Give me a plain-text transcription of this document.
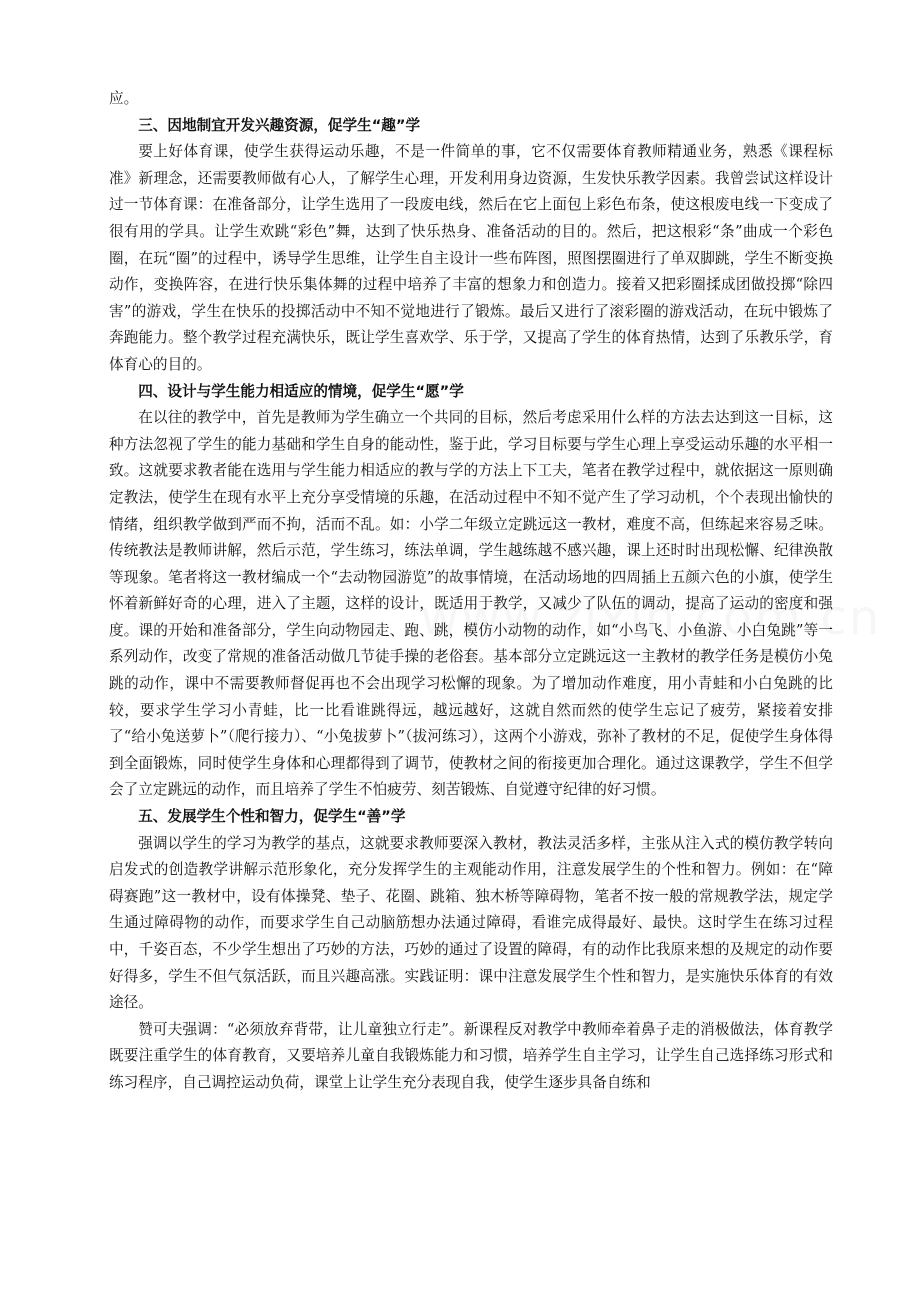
应。

三、因地制宜开发兴趣资源，促学生“趣”学

要上好体育课，使学生获得运动乐趣，不是一件简单的事，它不仅需要体育教师精通业务，熟悉《课程标准》新理念，还需要教师做有心人，了解学生心理，开发利用身边资源，生发快乐教学因素。我曾尝试这样设计过一节体育课：在准备部分，让学生选用了一段废电线，然后在它上面包上彩色布条，使这根废电线一下变成了很有用的学具。让学生欢跳“彩色”舞，达到了快乐热身、准备活动的目的。然后，把这根彩“条”曲成一个彩色圈，在玩“圈”的过程中，诱导学生思维，让学生自主设计一些布阵图，照图摆圈进行了单双脚跳，学生不断变换动作，变换阵容，在进行快乐集体舞的过程中培养了丰富的想象力和创造力。接着又把彩圈揉成团做投掷“除四害”的游戏，学生在快乐的投掷活动中不知不觉地进行了锻炼。最后又进行了滚彩圈的游戏活动，在玩中锻炼了奔跑能力。整个教学过程充满快乐，既让学生喜欢学、乐于学，又提高了学生的体育热情，达到了乐教乐学，育体育心的目的。

四、设计与学生能力相适应的情境，促学生“愿”学

在以往的教学中，首先是教师为学生确立一个共同的目标，然后考虑采用什么样的方法去达到这一目标，这种方法忽视了学生的能力基础和学生自身的能动性，鉴于此，学习目标要与学生心理上享受运动乐趣的水平相一致。这就要求教者能在选用与学生能力相适应的教与学的方法上下工夫，笔者在教学过程中，就依据这一原则确定教法，使学生在现有水平上充分享受情境的乐趣，在活动过程中不知不觉产生了学习动机，个个表现出愉快的情绪，组织教学做到严而不拘，活而不乱。如：小学二年级立定跳远这一教材，难度不高，但练起来容易乏味。传统教法是教师讲解，然后示范，学生练习，练法单调，学生越练越不感兴趣，课上还时时出现松懈、纪律涣散等现象。笔者将这一教材编成一个“去动物园游览”的故事情境，在活动场地的四周插上五颜六色的小旗，使学生怀着新鲜好奇的心理，进入了主题，这样的设计，既适用于教学，又减少了队伍的调动，提高了运动的密度和强度。课的开始和准备部分，学生向动物园走、跑、跳，模仿小动物的动作，如“小鸟飞、小鱼游、小白兔跳”等一系列动作，改变了常规的准备活动做几节徒手操的老俗套。基本部分立定跳远这一主教材的教学任务是模仿小兔跳的动作，课中不需要教师督促再也不会出现学习松懈的现象。为了增加动作难度，用小青蛙和小白兔跳的比较，要求学生学习小青蛙，比一比看谁跳得远，越远越好，这就自然而然的使学生忘记了疲劳，紧接着安排了“给小兔送萝卜”（爬行接力）、“小兔拔萝卜”（拔河练习），这两个小游戏，弥补了教材的不足，促使学生身体得到全面锻炼，同时使学生身体和心理都得到了调节，使教材之间的衔接更加合理化。通过这课教学，学生不但学会了立定跳远的动作，而且培养了学生不怕疲劳、刻苦锻炼、自觉遵守纪律的好习惯。

五、发展学生个性和智力，促学生“善”学

强调以学生的学习为教学的基点，这就要求教师要深入教材，教法灵活多样，主张从注入式的模仿教学转向启发式的创造教学讲解示范形象化，充分发挥学生的主观能动作用，注意发展学生的个性和智力。例如：在“障碍赛跑”这一教材中，设有体操凳、垫子、花圈、跳箱、独木桥等障碍物，笔者不按一般的常规教学法，规定学生通过障碍物的动作，而要求学生自己动脑筋想办法通过障碍，看谁完成得最好、最快。这时学生在练习过程中，千姿百态，不少学生想出了巧妙的方法，巧妙的通过了设置的障碍，有的动作比我原来想的及规定的动作要好得多，学生不但气氛活跃，而且兴趣高涨。实践证明：课中注意发展学生个性和智力，是实施快乐体育的有效途径。

赞可夫强调：“必须放弃背带，让儿童独立行走”。新课程反对教学中教师牵着鼻子走的消极做法，体育教学既要注重学生的体育教育，又要培养儿童自我锻炼能力和习惯，培养学生自主学习，让学生自己选择练习形式和练习程序，自己调控运动负荷，课堂上让学生充分表现自我，使学生逐步具备自练和
